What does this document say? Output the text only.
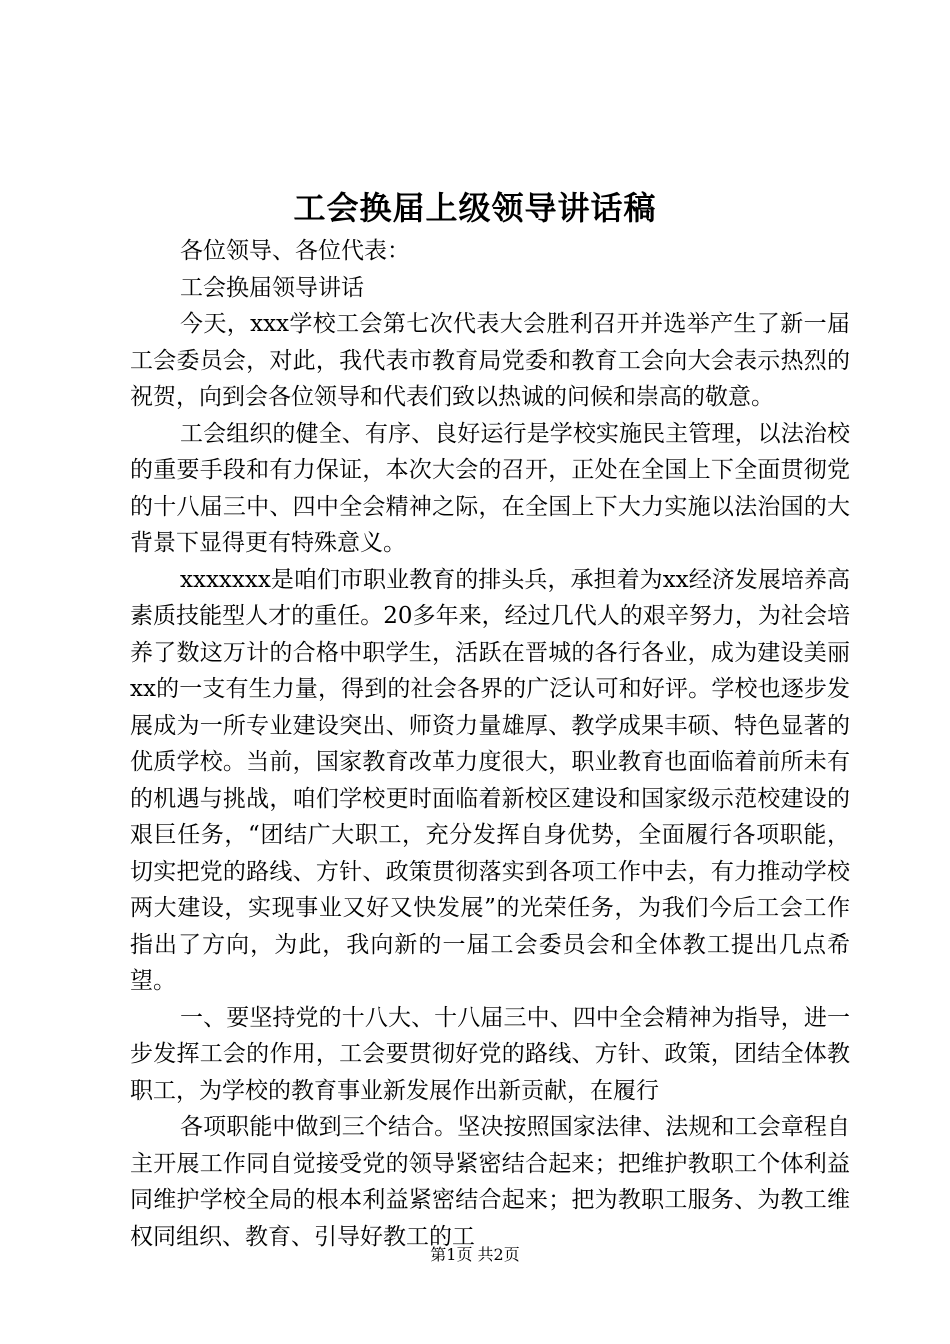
工会换届上级领导讲话稿

各位领导、各位代表：

工会换届领导讲话

今天，xxx学校工会第七次代表大会胜利召开并选举产生了新一届工会委员会，对此，我代表市教育局党委和教育工会向大会表示热烈的祝贺，向到会各位领导和代表们致以热诚的问候和崇高的敬意。

工会组织的健全、有序、良好运行是学校实施民主管理，以法治校的重要手段和有力保证，本次大会的召开，正处在全国上下全面贯彻党的十八届三中、四中全会精神之际，在全国上下大力实施以法治国的大背景下显得更有特殊意义。

xxxxxxx是咱们市职业教育的排头兵，承担着为xx经济发展培养高素质技能型人才的重任。20多年来，经过几代人的艰辛努力，为社会培养了数这万计的合格中职学生，活跃在晋城的各行各业，成为建设美丽xx的一支有生力量，得到的社会各界的广泛认可和好评。学校也逐步发展成为一所专业建设突出、师资力量雄厚、教学成果丰硕、特色显著的优质学校。当前，国家教育改革力度很大，职业教育也面临着前所未有的机遇与挑战，咱们学校更时面临着新校区建设和国家级示范校建设的艰巨任务，“团结广大职工，充分发挥自身优势，全面履行各项职能，切实把党的路线、方针、政策贯彻落实到各项工作中去，有力推动学校两大建设，实现事业又好又快发展”的光荣任务，为我们今后工会工作指出了方向，为此，我向新的一届工会委员会和全体教工提出几点希望。

一、要坚持党的十八大、十八届三中、四中全会精神为指导，进一步发挥工会的作用，工会要贯彻好党的路线、方针、政策，团结全体教职工，为学校的教育事业新发展作出新贡献，在履行

各项职能中做到三个结合。坚决按照国家法律、法规和工会章程自主开展工作同自觉接受党的领导紧密结合起来；把维护教职工个体利益同维护学校全局的根本利益紧密结合起来；把为教职工服务、为教工维权同组织、教育、引导好教工的工

第1页 共2页
